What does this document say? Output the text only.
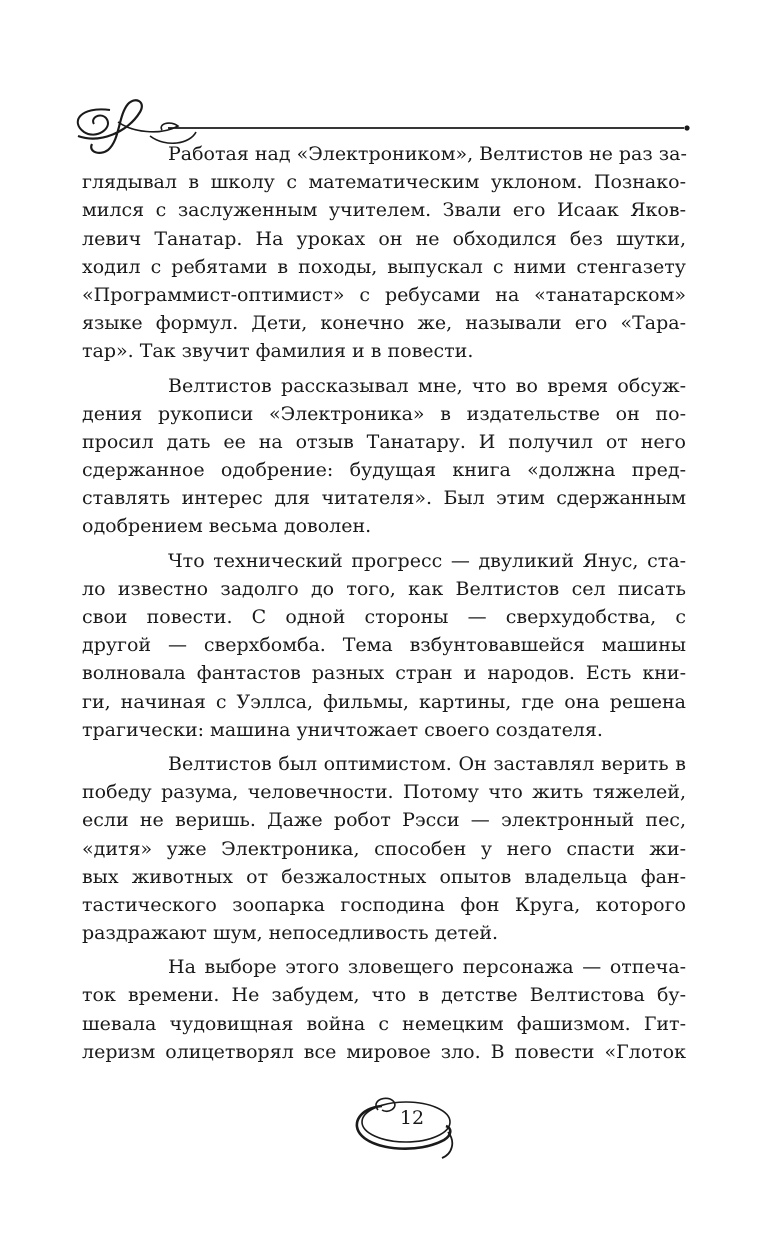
Работая над «Электроником», Велтистов не раз за-
глядывал в школу с математическим уклоном. Познако-
мился с заслуженным учителем. Звали его Исаак Яков-
левич Танатар. На уроках он не обходился без шутки,
ходил с ребятами в походы, выпускал с ними стенгазету
«Программист-оптимист» с ребусами на «танатарском»
языке формул. Дети, конечно же, называли его «Тара-
тар». Так звучит фамилия и в повести.
Велтистов рассказывал мне, что во время обсуж-
дения рукописи «Электроника» в издательстве он по-
просил дать ее на отзыв Танатару. И получил от него
сдержанное одобрение: будущая книга «должна пред-
ставлять интерес для читателя». Был этим сдержанным
одобрением весьма доволен.
Что технический прогресс — двуликий Янус, ста-
ло известно задолго до того, как Велтистов сел писать
свои повести. С одной стороны — сверхудобства, с
другой — сверхбомба. Тема взбунтовавшейся машины
волновала фантастов разных стран и народов. Есть кни-
ги, начиная с Уэллса, фильмы, картины, где она решена
трагически: машина уничтожает своего создателя.
Велтистов был оптимистом. Он заставлял верить в
победу разума, человечности. Потому что жить тяжелей,
если не веришь. Даже робот Рэсси — электронный пес,
«дитя» уже Электроника, способен у него спасти жи-
вых животных от безжалостных опытов владельца фан-
тастического зоопарка господина фон Круга, которого
раздражают шум, непоседливость детей.
На выборе этого зловещего персонажа — отпеча-
ток времени. Не забудем, что в детстве Велтистова бу-
шевала чудовищная война с немецким фашизмом. Гит-
леризм олицетворял все мировое зло. В повести «Глоток
12
